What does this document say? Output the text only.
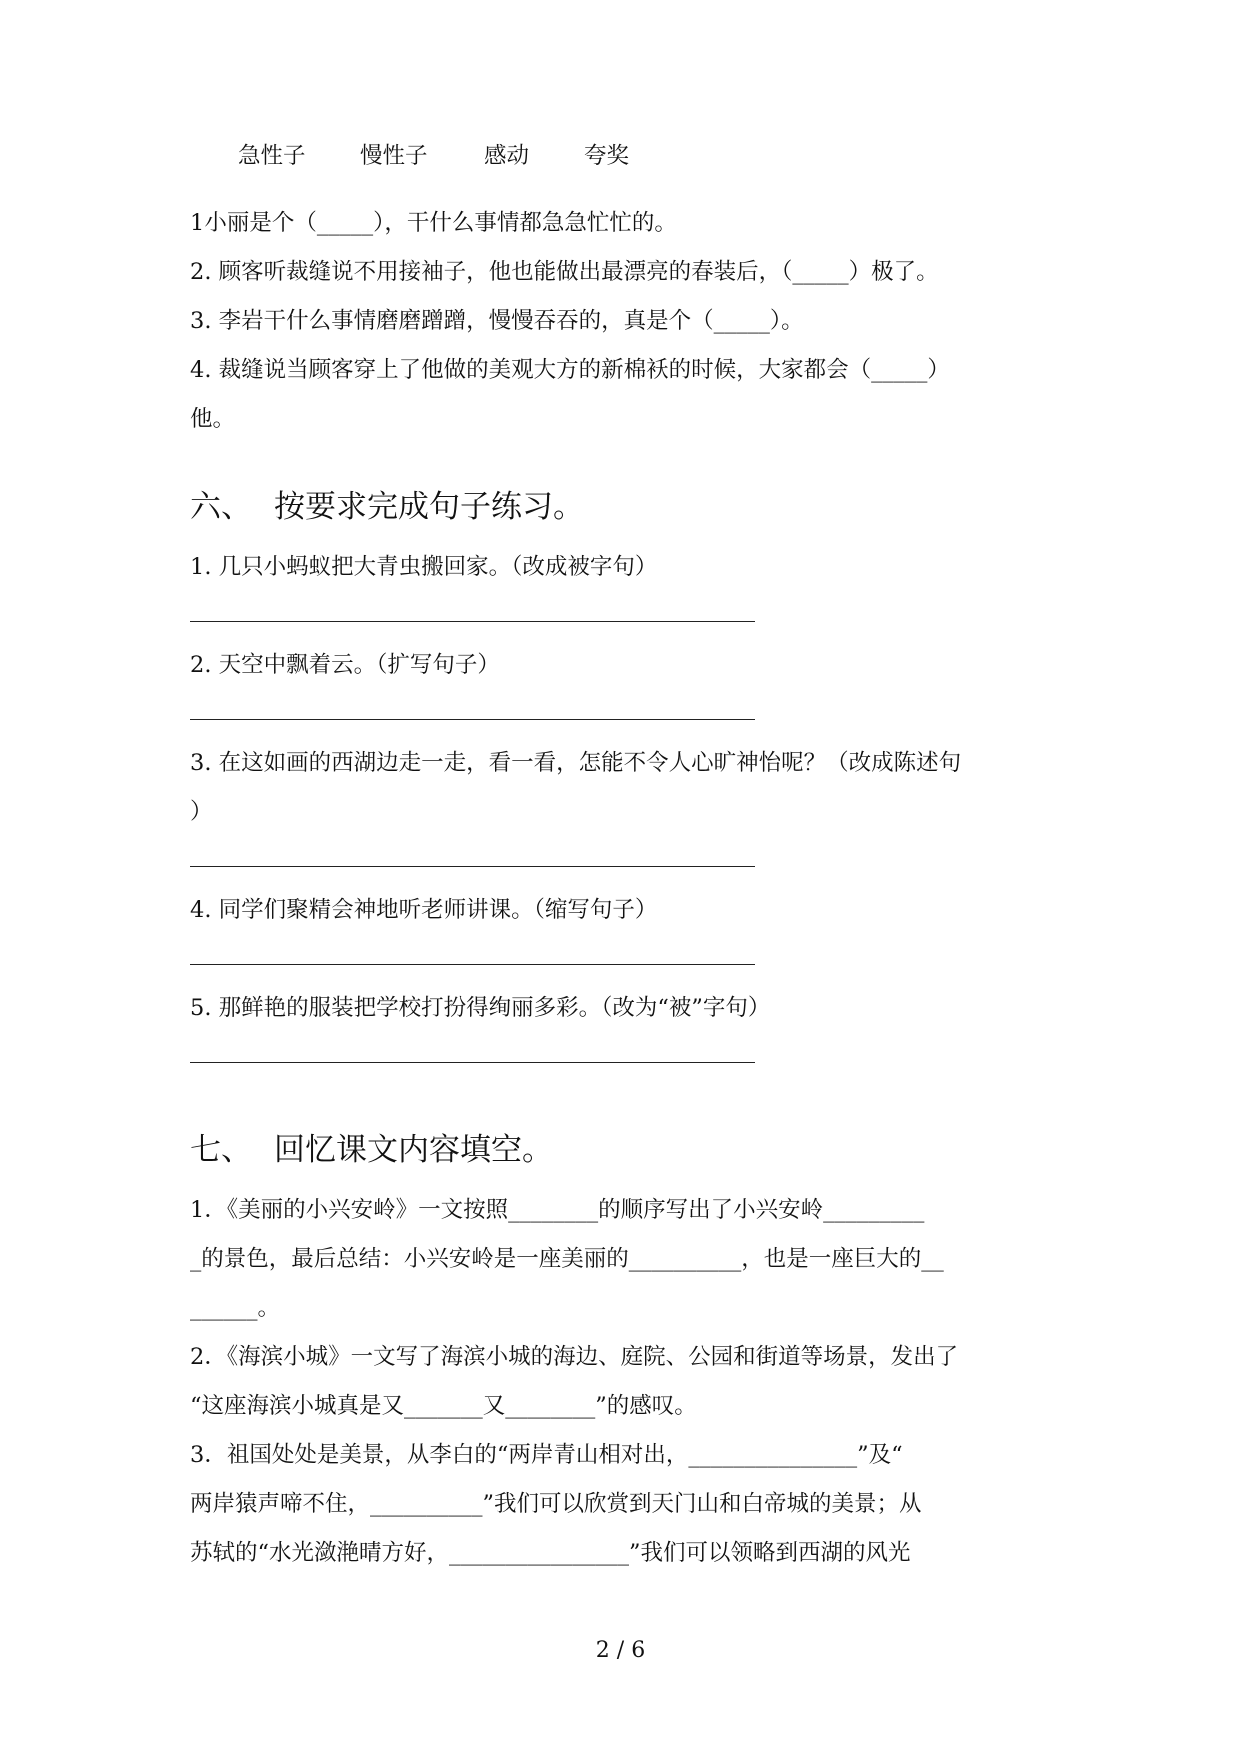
急性子 慢性子	感动 夸奖
1小丽是个（_____），干什么事情都急急忙忙的。
2. 顾客听裁缝说不用接袖子，他也能做出最漂亮的春装后，（_____）极了。
3. 李岩干什么事情磨磨蹭蹭，慢慢吞吞的，真是个（_____）。
4. 裁缝说当顾客穿上了他做的美观大方的新棉袄的时候，大家都会（_____）
他。
六、 按要求完成句子练习。
1. 几只小蚂蚁把大青虫搬回家。（改成被字句）
2. 天空中飘着云。（扩写句子）
3. 在这如画的西湖边走一走，看一看，怎能不令人心旷神怡呢？（改成陈述句
）
4. 同学们聚精会神地听老师讲课。（缩写句子）
5. 那鲜艳的服装把学校打扮得绚丽多彩。（改为“被”字句）
七、 回忆课文内容填空。
1．《美丽的小兴安岭》一文按照________的顺序写出了小兴安岭_________
_的景色，最后总结：小兴安岭是一座美丽的__________，也是一座巨大的__
______。
2．《海滨小城》一文写了海滨小城的海边、庭院、公园和街道等场景，发出了
“这座海滨小城真是又_______又________”的感叹。
3．祖国处处是美景，从李白的“两岸青山相对出，_______________”及“
两岸猿声啼不住，__________”我们可以欣赏到天门山和白帝城的美景；从
苏轼的“水光潋滟晴方好，________________”我们可以领略到西湖的风光
2 / 6
